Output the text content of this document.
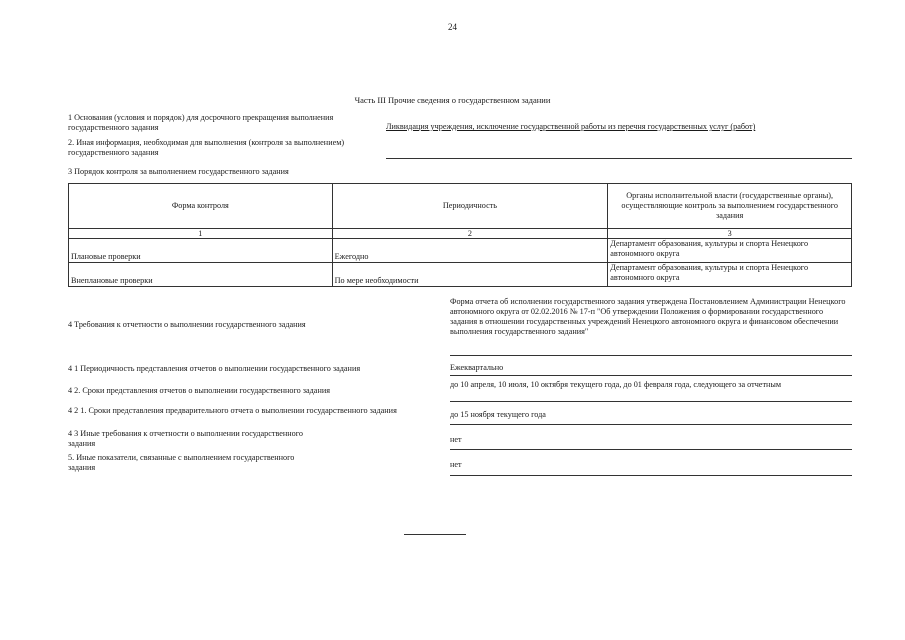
24
Часть III Прочие сведения о государственном задании
1 Основания (условия и порядок) для досрочного прекращения выполнения государственного задания	Ликвидация учреждения, исключение государственной работы из перечня государственных услуг (работ)
2. Иная информация, необходимая для выполнения (контроля за выполнением) государственного задания
3 Порядок контроля за выполнением государственного задания
Форма контроля	Периодичность	Органы исполнительной власти (государственные органы), осуществляющие контроль за выполнением государственного задания
1	2	3
Плановые проверки	Ежегодно	Департамент образования, культуры и спорта Ненецкого автономного округа
Внеплановые проверки	По мере необходимости	Департамент образования, культуры и спорта Ненецкого автономного округа
4 Требования к отчетности о выполнении государственного задания
Форма отчета об исполнении государственного задания утверждена Постановлением Администрации Ненецкого автономного округа от 02.02.2016 № 17-п "Об утверждении Положения о формировании государственного задания в отношении государственных учреждений Ненецкого автономного округа и финансовом обеспечении выполнения государственного задания"
4 1 Периодичность представления отчетов о выполнении государственного задания	Ежеквартально
4 2. Сроки представления отчетов о выполнении государственного задания
до 10 апреля, 10 июля, 10 октября текущего года, до 01 февраля года, следующего за отчетным
4 2 1. Сроки представления предварительного отчета о выполнении государственного задания	до 15 ноября текущего года
4 3 Иные требования к отчетности о выполнении государственного задания	нет
5. Иные показатели, связанные с выполнением государственного задания	нет
